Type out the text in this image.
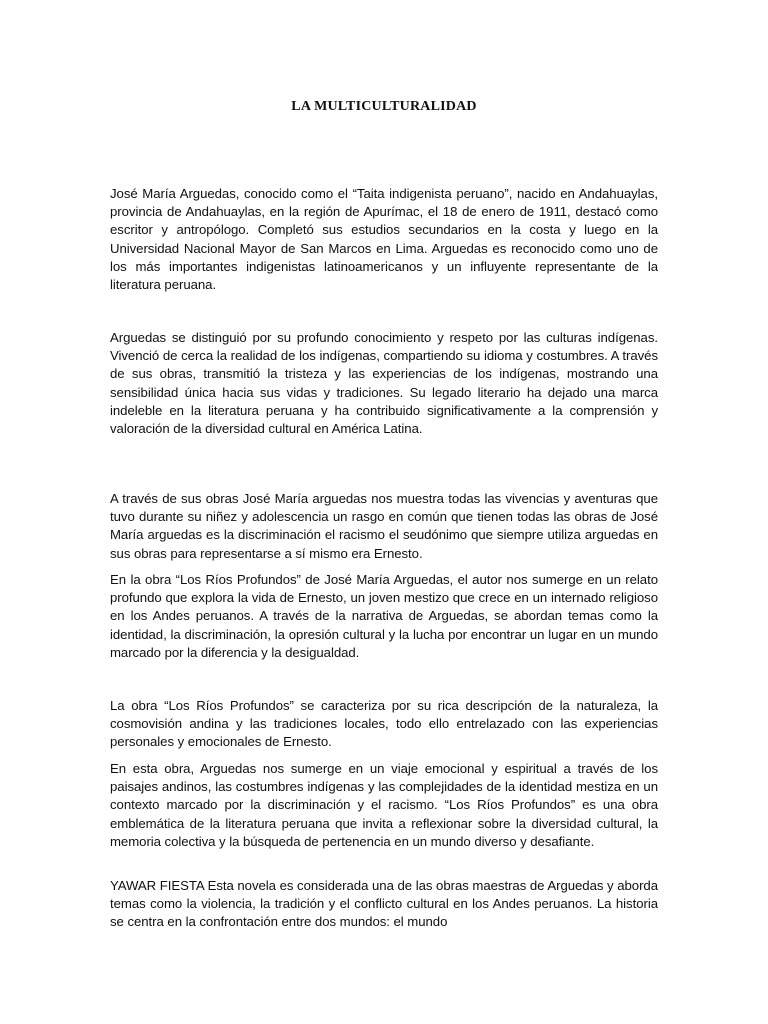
LA MULTICULTURALIDAD

José María Arguedas, conocido como el “Taita indigenista peruano”, nacido en Andahuaylas, provincia de Andahuaylas, en la región de Apurímac, el 18 de enero de 1911, destacó como escritor y antropólogo. Completó sus estudios secundarios en la costa y luego en la Universidad Nacional Mayor de San Marcos en Lima. Arguedas es reconocido como uno de los más importantes indigenistas latinoamericanos y un influyente representante de la literatura peruana.

Arguedas se distinguió por su profundo conocimiento y respeto por las culturas indígenas. Vivenció de cerca la realidad de los indígenas, compartiendo su idioma y costumbres. A través de sus obras, transmitió la tristeza y las experiencias de los indígenas, mostrando una sensibilidad única hacia sus vidas y tradiciones. Su legado literario ha dejado una marca indeleble en la literatura peruana y ha contribuido significativamente a la comprensión y valoración de la diversidad cultural en América Latina.

A través de sus obras José María arguedas nos muestra todas las vivencias y aventuras que tuvo durante su niñez y adolescencia un rasgo en común que tienen todas las obras de José María arguedas es la discriminación el racismo el seudónimo que siempre utiliza arguedas en sus obras para representarse a sí mismo era Ernesto.

En la obra “Los Ríos Profundos” de José María Arguedas, el autor nos sumerge en un relato profundo que explora la vida de Ernesto, un joven mestizo que crece en un internado religioso en los Andes peruanos. A través de la narrativa de Arguedas, se abordan temas como la identidad, la discriminación, la opresión cultural y la lucha por encontrar un lugar en un mundo marcado por la diferencia y la desigualdad.

La obra “Los Ríos Profundos” se caracteriza por su rica descripción de la naturaleza, la cosmovisión andina y las tradiciones locales, todo ello entrelazado con las experiencias personales y emocionales de Ernesto.

En esta obra, Arguedas nos sumerge en un viaje emocional y espiritual a través de los paisajes andinos, las costumbres indígenas y las complejidades de la identidad mestiza en un contexto marcado por la discriminación y el racismo. “Los Ríos Profundos” es una obra emblemática de la literatura peruana que invita a reflexionar sobre la diversidad cultural, la memoria colectiva y la búsqueda de pertenencia en un mundo diverso y desafiante.

YAWAR FIESTA Esta novela es considerada una de las obras maestras de Arguedas y aborda temas como la violencia, la tradición y el conflicto cultural en los Andes peruanos. La historia se centra en la confrontación entre dos mundos: el mundo
